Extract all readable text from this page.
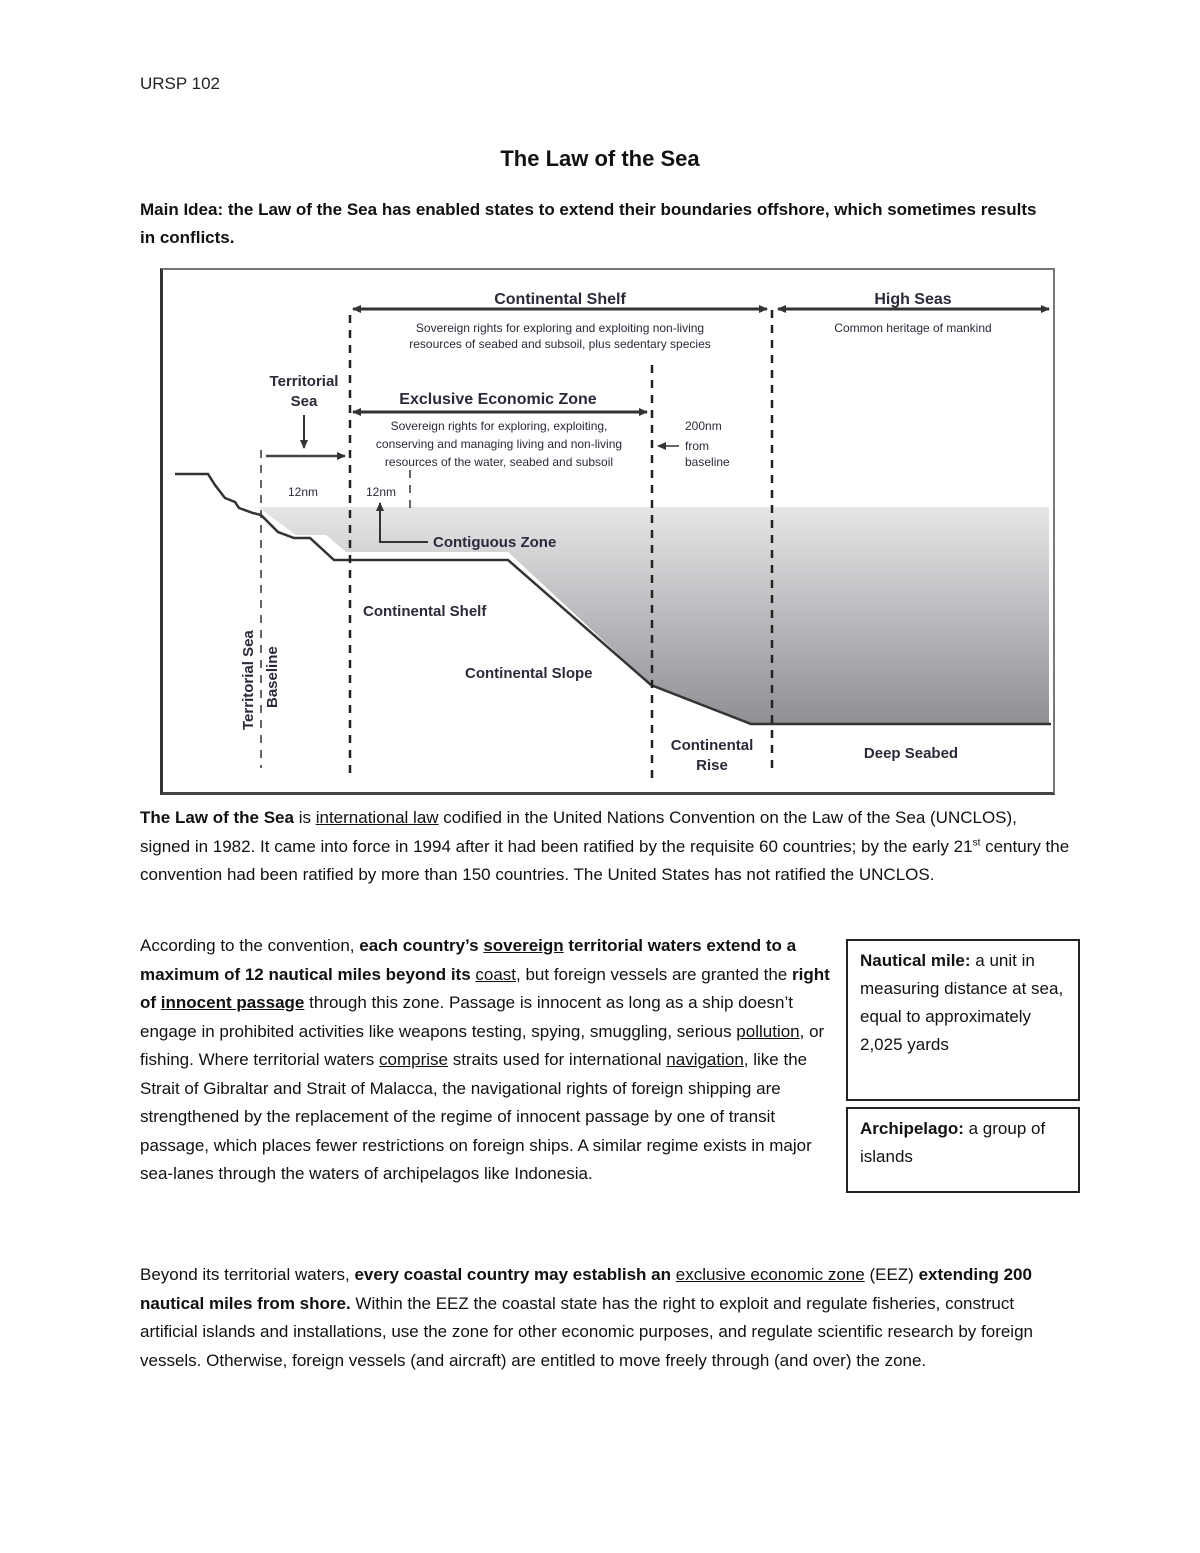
URSP 102
The Law of the Sea
Main Idea: the Law of the Sea has enabled states to extend their boundaries offshore, which sometimes results in conflicts.
Continental Shelf
Sovereign rights for exploring and exploiting non-living
resources of seabed and subsoil, plus sedentary species
High Seas
Common heritage of mankind
Territorial
Sea
12nm
Exclusive Economic Zone
Sovereign rights for exploring, exploiting,
conserving and managing living and non-living
resources of the water, seabed and subsoil
200nm
from
baseline
12nm
Contiguous Zone
Continental Shelf
Continental Slope
Continental
Rise
Deep Seabed
Territorial Sea Baseline
The Law of the Sea is international law codified in the United Nations Convention on the Law of the Sea (UNCLOS), signed in 1982. It came into force in 1994 after it had been ratified by the requisite 60 countries; by the early 21st century the convention had been ratified by more than 150 countries. The United States has not ratified the UNCLOS.
According to the convention, each country’s sovereign territorial waters extend to a maximum of 12 nautical miles beyond its coast, but foreign vessels are granted the right of innocent passage through this zone. Passage is innocent as long as a ship doesn’t engage in prohibited activities like weapons testing, spying, smuggling, serious pollution, or fishing. Where territorial waters comprise straits used for international navigation, like the Strait of Gibraltar and Strait of Malacca, the navigational rights of foreign shipping are strengthened by the replacement of the regime of innocent passage by one of transit passage, which places fewer restrictions on foreign ships. A similar regime exists in major sea-lanes through the waters of archipelagos like Indonesia.
Nautical mile: a unit in measuring distance at sea, equal to approximately 2,025 yards
Archipelago: a group of islands
Beyond its territorial waters, every coastal country may establish an exclusive economic zone (EEZ) extending 200 nautical miles from shore. Within the EEZ the coastal state has the right to exploit and regulate fisheries, construct artificial islands and installations, use the zone for other economic purposes, and regulate scientific research by foreign vessels. Otherwise, foreign vessels (and aircraft) are entitled to move freely through (and over) the zone.
